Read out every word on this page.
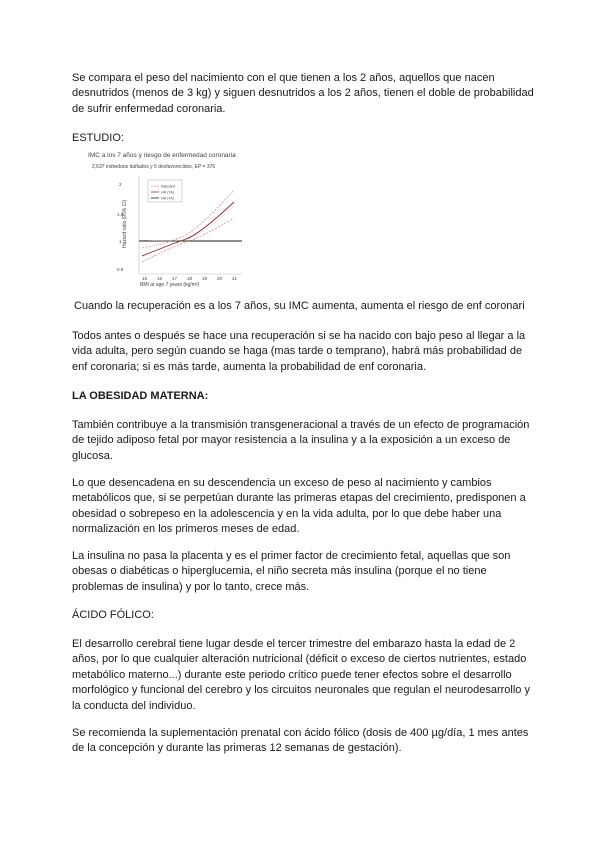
Se compara el peso del nacimiento con el que tienen a los 2 años, aquellos que nacen desnutridos (menos de 3 kg) y siguen desnutridos a los 2 años, tienen el doble de probabilidad de sufrir enfermedad coronaria.

ESTUDIO:

IMC a los 7 años y riesgo de enfermedad coronaria
2,637 individuos dañados y 5 desfavorecidos, EP = 376
Hazard ratio (95% CI)
BMI at age 7 years (kg/m²)
2
1.5
1
0.5
15 16 17 18 19 20 21
Adjusted
HR (TA)
HR (TA)

Cuando la recuperación es a los 7 años, su IMC aumenta, aumenta el riesgo de enf coronari

Todos antes o después se hace una recuperación si se ha nacido con bajo peso al llegar a la vida adulta, pero según cuando se haga (mas tarde o temprano), habrá más probabilidad de enf coronaria; si es más tarde, aumenta la probabilidad de enf coronaria.

LA OBESIDAD MATERNA:

También contribuye a la transmisión transgeneracional a través de un efecto de programación de tejido adiposo fetal por mayor resistencia a la insulina y a la exposición a un exceso de glucosa.

Lo que desencadena en su descendencia un exceso de peso al nacimiento y cambios metabólicos que, si se perpetúan durante las primeras etapas del crecimiento, predisponen a obesidad o sobrepeso en la adolescencia y en la vida adulta, por lo que debe haber una normalización en los primeros meses de edad.

La insulina no pasa la placenta y es el primer factor de crecimiento fetal, aquellas que son obesas o diabéticas o hiperglucemia, el niño secreta más insulina (porque el no tiene problemas de insulina) y por lo tanto, crece más.

ÁCIDO FÓLICO:

El desarrollo cerebral tiene lugar desde el tercer trimestre del embarazo hasta la edad de 2 años, por lo que cualquier alteración nutricional (déficit o exceso de ciertos nutrientes, estado metabólico materno...) durante este periodo crítico puede tener efectos sobre el desarrollo morfológico y funcional del cerebro y los circuitos neuronales que regulan el neurodesarrollo y la conducta del individuo.

Se recomienda la suplementación prenatal con ácido fólico (dosis de 400 µg/día, 1 mes antes de la concepción y durante las primeras 12 semanas de gestación).
